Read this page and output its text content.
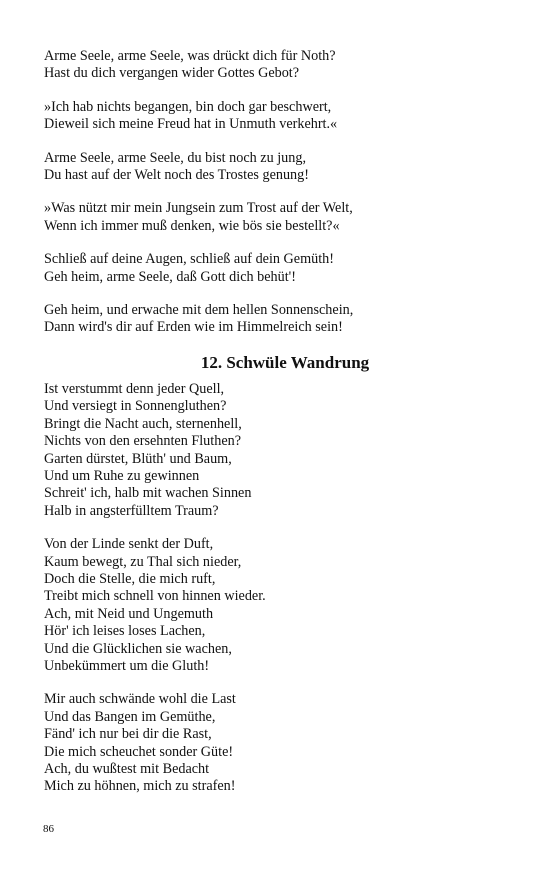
Arme Seele, arme Seele, was drückt dich für Noth?
Hast du dich vergangen wider Gottes Gebot?
»Ich hab nichts begangen, bin doch gar beschwert,
Dieweil sich meine Freud hat in Unmuth verkehrt.«
Arme Seele, arme Seele, du bist noch zu jung,
Du hast auf der Welt noch des Trostes genung!
»Was nützt mir mein Jungsein zum Trost auf der Welt,
Wenn ich immer muß denken, wie bös sie bestellt?«
Schließ auf deine Augen, schließ auf dein Gemüth!
Geh heim, arme Seele, daß Gott dich behüt'!
Geh heim, und erwache mit dem hellen Sonnenschein,
Dann wird's dir auf Erden wie im Himmelreich sein!
12. Schwüle Wandrung
Ist verstummt denn jeder Quell,
Und versiegt in Sonnengluthen?
Bringt die Nacht auch, sternenhell,
Nichts von den ersehnten Fluthen?
Garten dürstet, Blüth' und Baum,
Und um Ruhe zu gewinnen
Schreit' ich, halb mit wachen Sinnen
Halb in angsterfülltem Traum?
Von der Linde senkt der Duft,
Kaum bewegt, zu Thal sich nieder,
Doch die Stelle, die mich ruft,
Treibt mich schnell von hinnen wieder.
Ach, mit Neid und Ungemuth
Hör' ich leises loses Lachen,
Und die Glücklichen sie wachen,
Unbekümmert um die Gluth!
Mir auch schwände wohl die Last
Und das Bangen im Gemüthe,
Fänd' ich nur bei dir die Rast,
Die mich scheuchet sonder Güte!
Ach, du wußtest mit Bedacht
Mich zu höhnen, mich zu strafen!
86
